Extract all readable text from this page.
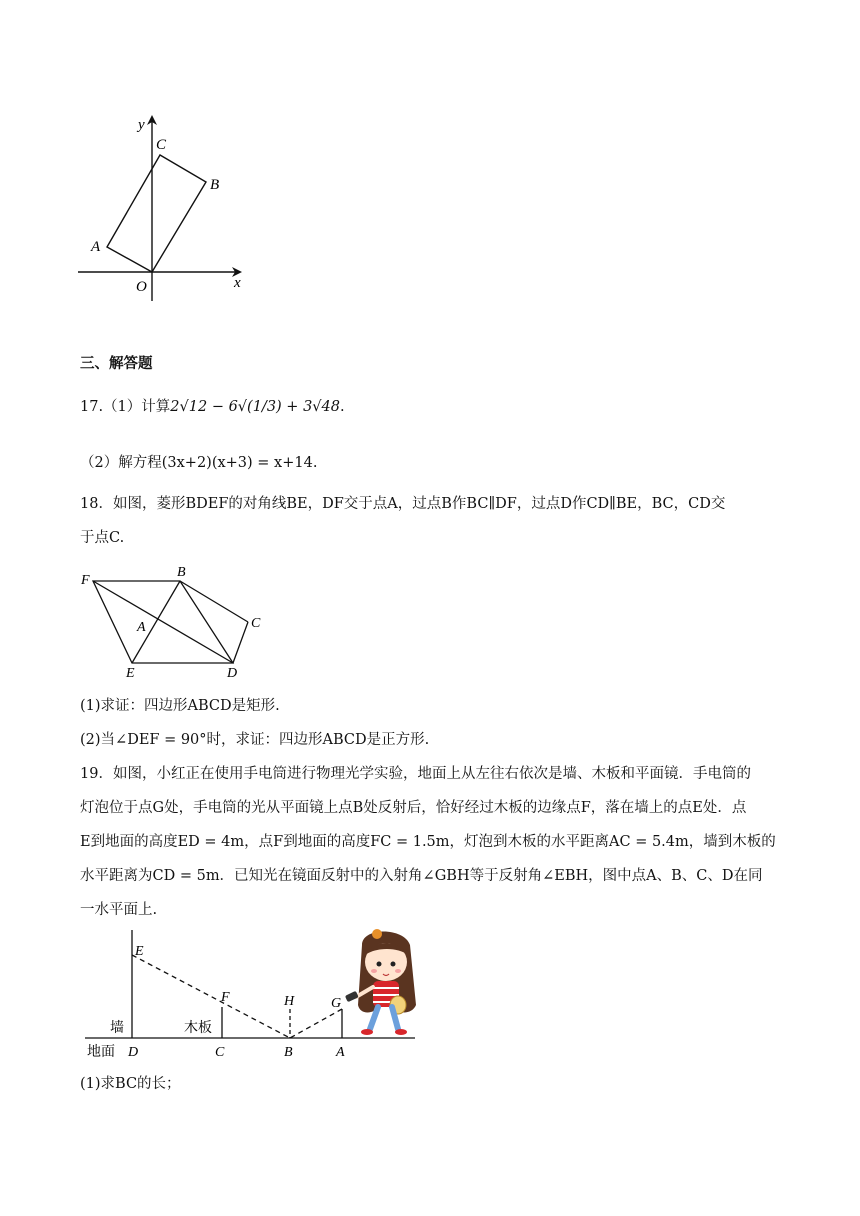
y
C
B
A
O	x
三、解答题
17.（1）计算2√12 − 6√(1/3) + 3√48.
（2）解方程(3x+2)(x+3) = x+14.
18．如图，菱形BDEF的对角线BE，DF交于点A，过点B作BC∥DF，过点D作CD∥BE，BC，CD交
于点C.
F
B
C
A
E	D
(1)求证：四边形ABCD是矩形.
(2)当∠DEF = 90°时，求证：四边形ABCD是正方形.
19．如图，小红正在使用手电筒进行物理光学实验，地面上从左往右依次是墙、木板和平面镜．手电筒的
灯泡位于点G处，手电筒的光从平面镜上点B处反射后，恰好经过木板的边缘点F，落在墙上的点E处．点
E到地面的高度ED = 4m，点F到地面的高度FC = 1.5m，灯泡到木板的水平距离AC = 5.4m，墙到木板的
水平距离为CD = 5m．已知光在镜面反射中的入射角∠GBH等于反射角∠EBH，图中点A、B、C、D在同
一水平面上.
E
F	H	G
墙	木板
地面 D	C	B	A
(1)求BC的长；
